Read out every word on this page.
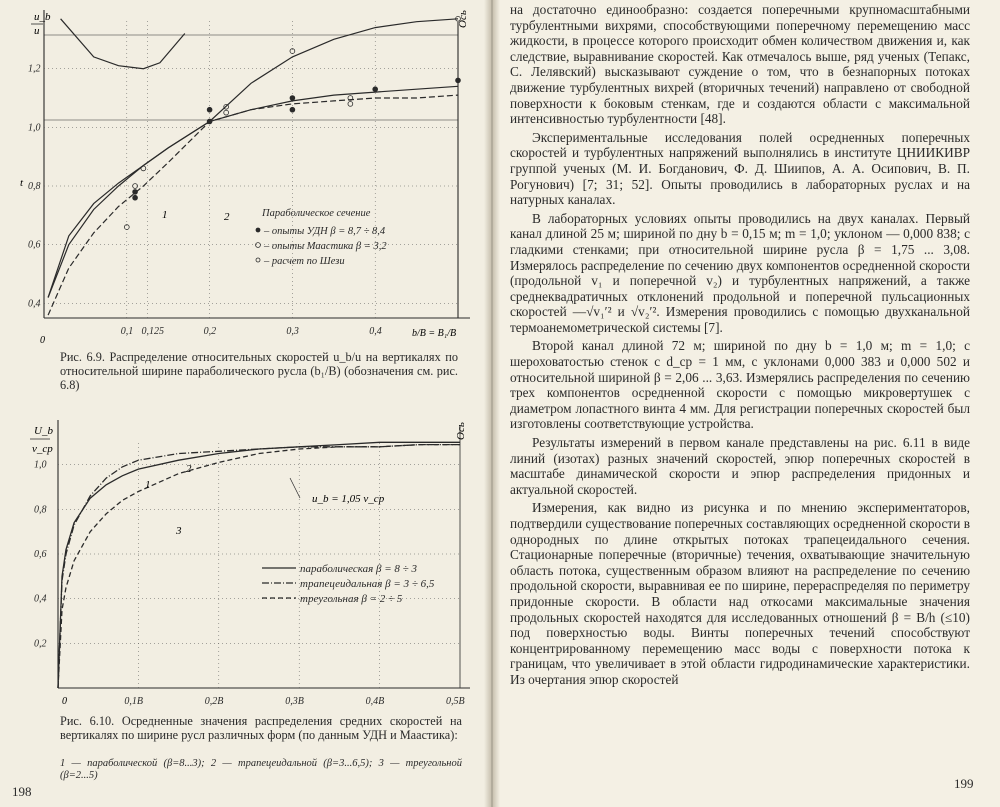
0,4
0,6
0,8
1,0
1,2
0,1 0,125	0,2	0,3	0,4
u_b
u
Ось
t
0
b/B = B₁/B
1	2	Параболическое сечение
– опыты УДН β = 8,7 ÷ 8,4
– опыты Маастика β = 3,2
– расчет по Шези
Рис. 6.9. Распределение относительных скоростей u_b/u на вертикалях по относительной ширине параболического русла (b₁/B) (обозначения см. рис. 6.8)
0,2
0,4
0,6
0,8
1,0
0,1B	0,2B	0,3B	0,4B	0,5B
U_b
v_ср
Ось
0
u_b = 1,05 v_ср
1
2
3
параболическая β = 8 ÷ 3
трапецеидальная β = 3 ÷ 6,5
треугольная β = 2 ÷ 5
Рис. 6.10. Осредненные значения распределения средних скоростей на вертикалях по ширине русл различных форм (по данным УДН и Маастика):
1 — параболической (β=8...3); 2 — трапецеидальной (β=3...6,5); 3 — треугольной (β=2...5)
198

на достаточно единообразно: создается поперечными крупномасштабными турбулентными вихрями, способствующими поперечному перемещению масс жидкости, в процессе которого происходит обмен количеством движения и, как следствие, выравнивание скоростей. Как отмечалось выше, ряд ученых (Тепакс, С. Лелявский) высказывают суждение о том, что в безнапорных потоках движение турбулентных вихрей (вторичных течений) направлено от свободной поверхности к боковым стенкам, где и создаются области с максимальной интенсивностью турбулентности [48].

Экспериментальные исследования полей осредненных поперечных скоростей и турбулентных напряжений выполнялись в институте ЦНИИКИВР группой ученых (М. И. Богданович, Ф. Д. Шиипов, А. А. Осипович, В. П. Рогунович) [7; 31; 52]. Опыты проводились в лабораторных руслах и на натурных каналах.

В лабораторных условиях опыты проводились на двух каналах. Первый канал длиной 25 м; шириной по дну b = 0,15 м; m = 1,0; уклоном — 0,000 838; с гладкими стенками; при относительной ширине русла β = 1,75 ... 3,08. Измерялось распределение по сечению двух компонентов осредненной скорости (продольной v₁ и поперечной v₂) и турбулентных напряжений, а также среднеквадратичных отклонений продольной и поперечной пульсационных скоростей —√v₁′² и √v₂′². Измерения проводились с помощью двухканальной термоанемометрической системы [7].

Второй канал длиной 72 м; шириной по дну b = 1,0 м; m = 1,0; с шероховатостью стенок с d_ср = 1 мм, с уклонами 0,000 383 и 0,000 502 и относительной шириной β = 2,06 ... 3,63. Измерялись распределения по сечению трех компонентов осредненной скорости с помощью микровертушек с диаметром лопастного винта 4 мм. Для регистрации поперечных скоростей был изготовлены соответствующие устройства.

Результаты измерений в первом канале представлены на рис. 6.11 в виде линий (изотах) разных значений скоростей, эпюр поперечных скоростей в масштабе динамической скорости и эпюр распределения придонных и актуальной скоростей.

Измерения, как видно из рисунка и по мнению экспериментаторов, подтвердили существование поперечных составляющих осредненной скорости в однородных по длине открытых потоках трапецеидального сечения. Стационарные поперечные (вторичные) течения, охватывающие значительную область потока, существенным образом влияют на распределение по сечению продольной скорости, выравнивая ее по ширине, перераспределяя по периметру придонные скорости. В области над откосами максимальные значения продольных скоростей находятся для исследованных отношений β = B/h (≤10) под поверхностью воды. Винты поперечных течений способствуют концентрированному перемещению масс воды с поверхности потока к границам, что увеличивает в этой области гидродинамические характеристики. Из очертания эпюр скоростей

199
